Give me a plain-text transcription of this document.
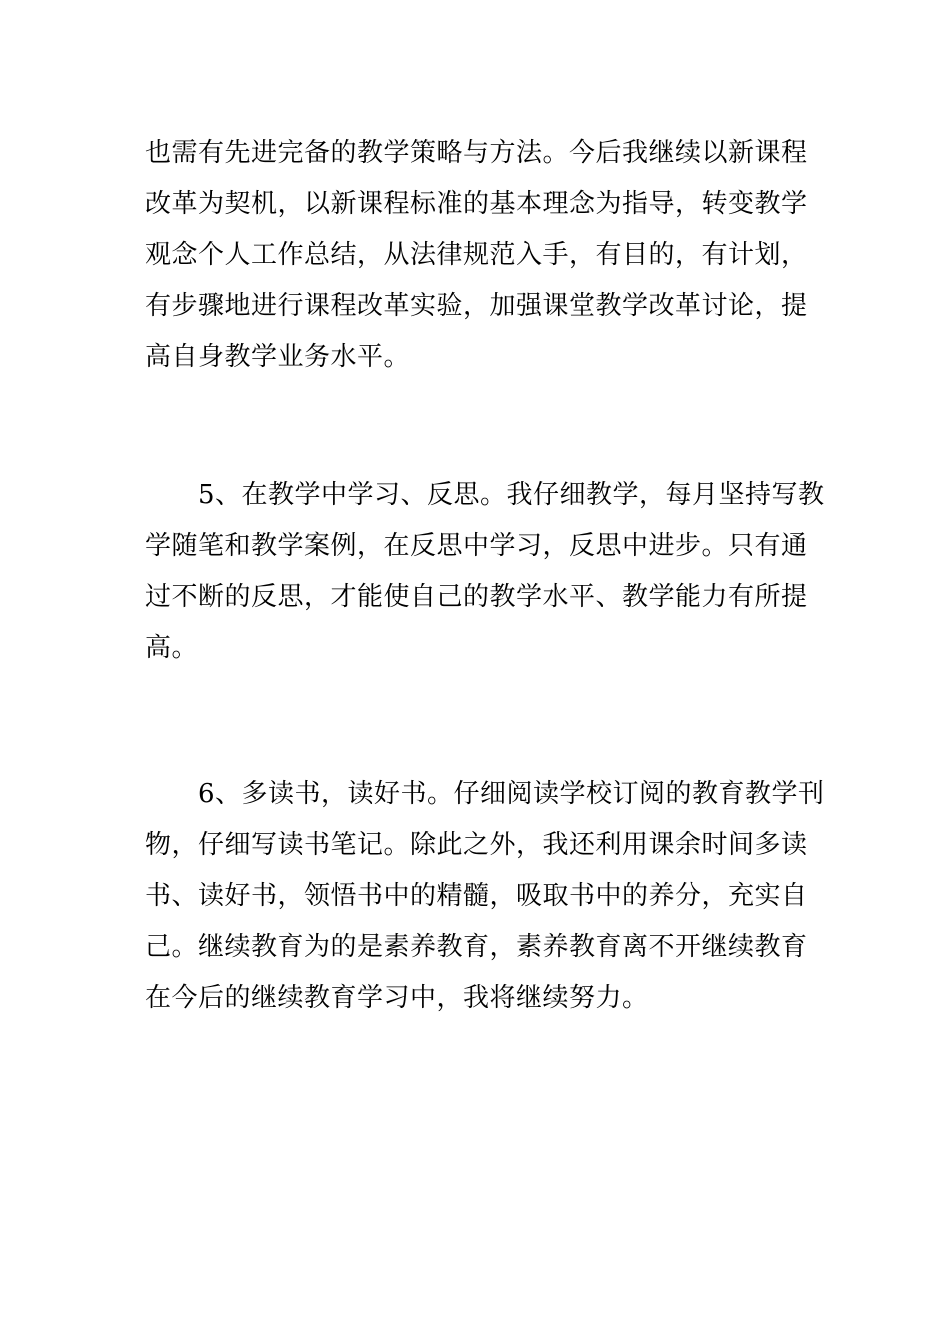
也需有先进完备的教学策略与方法。今后我继续以新课程
改革为契机，以新课程标准的基本理念为指导，转变教学
观念个人工作总结，从法律规范入手，有目的，有计划，
有步骤地进行课程改革实验，加强课堂教学改革讨论，提
高自身教学业务水平。
　　5、在教学中学习、反思。我仔细教学，每月坚持写教
学随笔和教学案例，在反思中学习，反思中进步。只有通
过不断的反思，才能使自己的教学水平、教学能力有所提
高。
　　6、多读书，读好书。仔细阅读学校订阅的教育教学刊
物，仔细写读书笔记。除此之外，我还利用课余时间多读
书、读好书，领悟书中的精髓，吸取书中的养分，充实自
己。继续教育为的是素养教育，素养教育离不开继续教育
在今后的继续教育学习中，我将继续努力。
